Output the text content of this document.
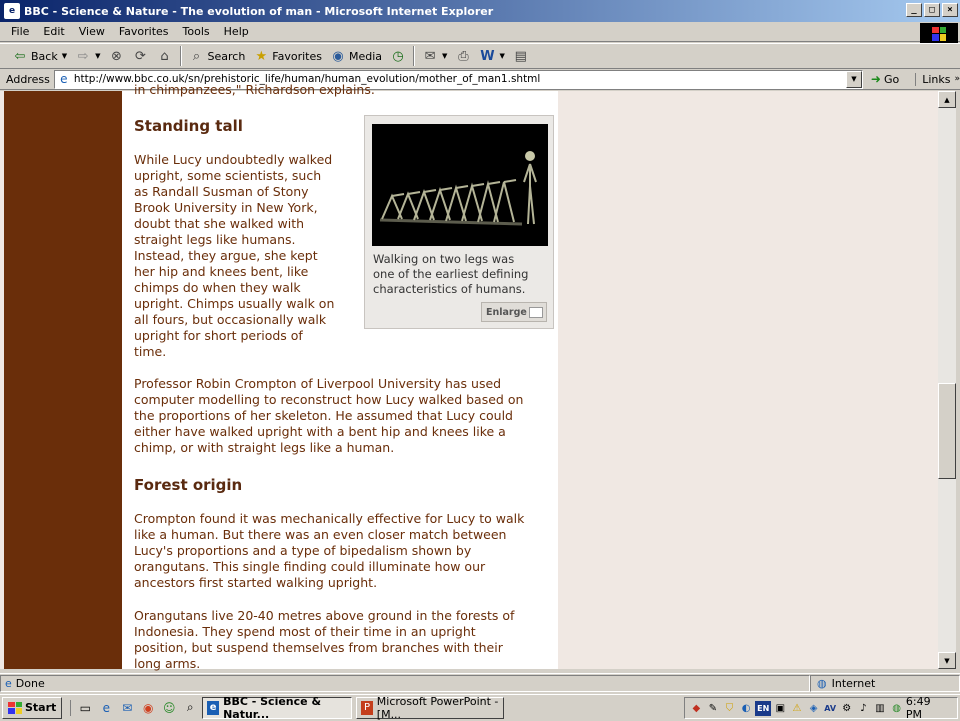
e BBC - Science & Nature - The evolution of man - Microsoft Internet Explorer	_	□	×
File	Edit	View	Favorites	Tools	Help
⇦ Back ▼ ⇨ ▼ ⊗ ⟳ ⌂	⌕ Search ★ Favorites ◉ Media ◷ ✉ ▼ ⎙ W ▼ ▤
Address e http://www.bbc.co.uk/sn/prehistoric_life/human/human_evolution/mother_of_man1.shtml	▼	➜ Go Links »
in chimpanzees," Richardson explains.
Standing tall
While Lucy undoubtedly walked
upright, some scientists, such
as Randall Susman of Stony
Brook University in New York,
doubt that she walked with
straight legs like humans.
Instead, they argue, she kept
her hip and knees bent, like
chimps do when they walk
upright. Chimps usually walk on
all fours, but occasionally walk
upright for short periods of
time.
Walking on two legs was
one of the earliest defining
characteristics of humans.
Enlarge
Professor Robin Crompton of Liverpool University has used
computer modelling to reconstruct how Lucy walked based on
the proportions of her skeleton. He assumed that Lucy could
either have walked upright with a bent hip and knees like a
chimp, or with straight legs like a human.
Forest origin
Crompton found it was mechanically effective for Lucy to walk
like a human. But there was an even closer match between
Lucy's proportions and a type of bipedalism shown by
orangutans. This single finding could illuminate how our
ancestors first started walking upright.
Orangutans live 20-40 metres above ground in the forests of
Indonesia. They spend most of their time in an upright
position, but suspend themselves from branches with their
long arms.
▲
▼
e Done	◍ Internet
Start ▭ e	✉ ◉ ☺ ⌕	e BBC - Science & Natur...	P Microsoft PowerPoint - [M...	◆ ✎ ⛉ ◐ EN ▣ ⚠ ◈ AV ⚙ ♪ ▥ ◍ 6:49 PM
